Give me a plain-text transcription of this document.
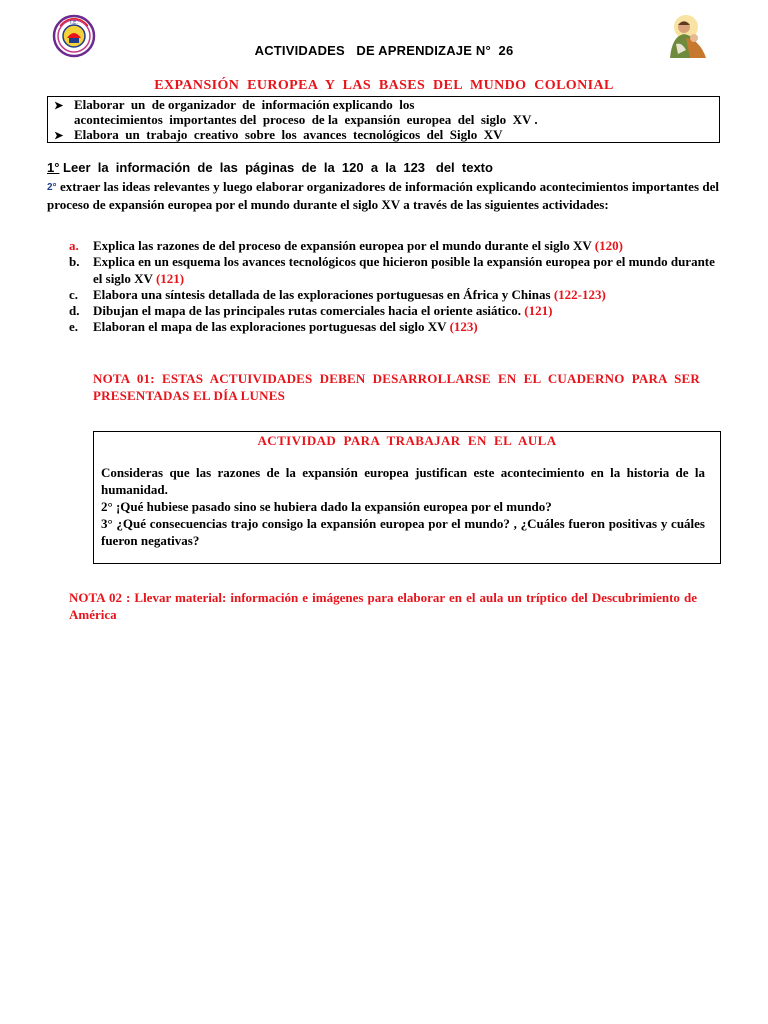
I.E.
ACTIVIDADES   DE APRENDIZAJE N°  26
EXPANSIÓN  EUROPEA  Y  LAS  BASES  DEL  MUNDO  COLONIAL
➤ Elaborar  un  de organizador  de  información explicando  los
acontecimientos  importantes del  proceso  de la  expansión  europea  del  siglo  XV .
➤ Elabora  un  trabajo  creativo  sobre  los  avances  tecnológicos  del  Siglo  XV
1° Leer  la  información  de  las  páginas  de  la  120  a  la  123   del  texto
2° extraer las ideas relevantes y luego elaborar organizadores de información explicando acontecimientos importantes del proceso de expansión europea por el mundo durante el siglo XV a través de las siguientes actividades:

a. Explica las razones de del proceso de expansión europea por el mundo durante el siglo XV (120)

b. Explica en un esquema los avances tecnológicos que hicieron posible la expansión europea por el mundo durante el siglo XV (121)

c. Elabora una síntesis detallada de las exploraciones portuguesas en África y Chinas (122-123)

d. Dibujan el mapa de las principales rutas comerciales hacia el oriente asiático. (121)

e. Elaboran el mapa de las exploraciones portuguesas del siglo XV (123)

NOTA 01: ESTAS ACTUIVIDADES DEBEN DESARROLLARSE EN EL CUADERNO PARA SER PRESENTADAS EL DÍA LUNES
ACTIVIDAD  PARA  TRABAJAR  EN  EL  AULA

Consideras que las razones de la expansión europea justifican este acontecimiento en la historia de la humanidad.

2° ¡Qué hubiese pasado sino se hubiera dado la expansión europea por el mundo?

3° ¿Qué consecuencias trajo consigo la expansión europea por el mundo? , ¿Cuáles fueron positivas y cuáles fueron negativas?

NOTA 02 : Llevar material: información e imágenes para elaborar en el aula un tríptico del Descubrimiento de América
